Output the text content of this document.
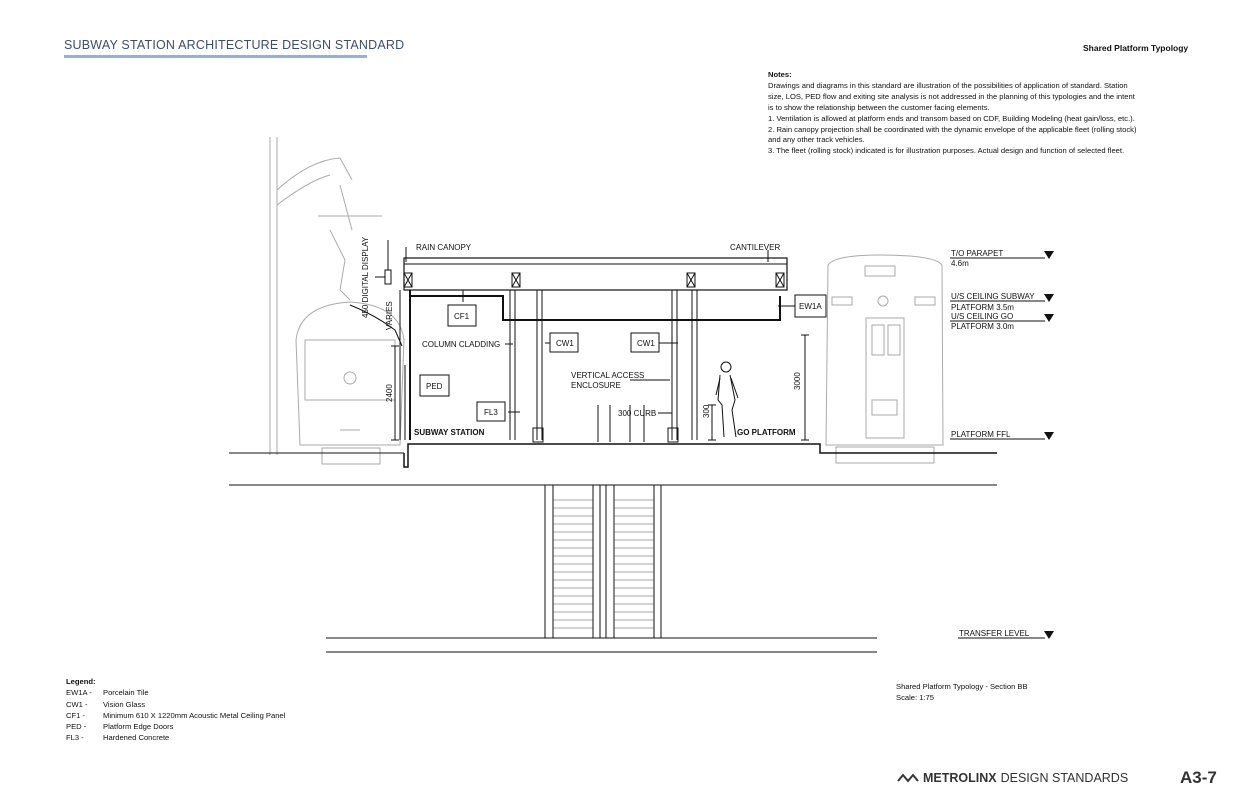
SUBWAY STATION ARCHITECTURE DESIGN STANDARD	Shared Platform Typology

Notes:

Drawings and diagrams in this standard are illustration of the possibilities of application of standard. Station

size, LOS, PED flow and exiting site analysis is not addressed in the planning of this typologies and the intent

is to show the relationship between the customer facing elements.

1. Ventilation is allowed at platform ends and transom based on CDF, Building Modeling (heat gain/loss, etc.).

2. Rain canopy projection shall be coordinated with the dynamic envelope of the applicable fleet (rolling stock)

and any other track vehicles.

3. The fleet (rolling stock) indicated is for illustration purposes. Actual design and function of selected fleet.

RAIN CANOPY	CANTILEVER
450 DIGITAL DISPLAY VARIES
COLUMN CLADDING
VERTICAL ACCESS
ENCLOSURE
300 CURB
SUBWAY STATION	GO PLATFORM
2400
3000
300
CF1
CW1	CW1
PED
FL3
EW1A
T/O PARAPET
4.6m
U/S CEILING SUBWAY
PLATFORM 3.5m
U/S CEILING GO
PLATFORM 3.0m
PLATFORM FFL
TRANSFER LEVEL
Legend:
EW1A -	Porcelain Tile
CW1 -	Vision Glass
CF1 -	Minimum 610 X 1220mm Acoustic Metal Ceiling Panel
PED -	Platform Edge Doors
FL3 -	Hardened Concrete
Shared Platform Typology - Section BB
Scale: 1:75
METROLINX DESIGN STANDARDS	A3-7
